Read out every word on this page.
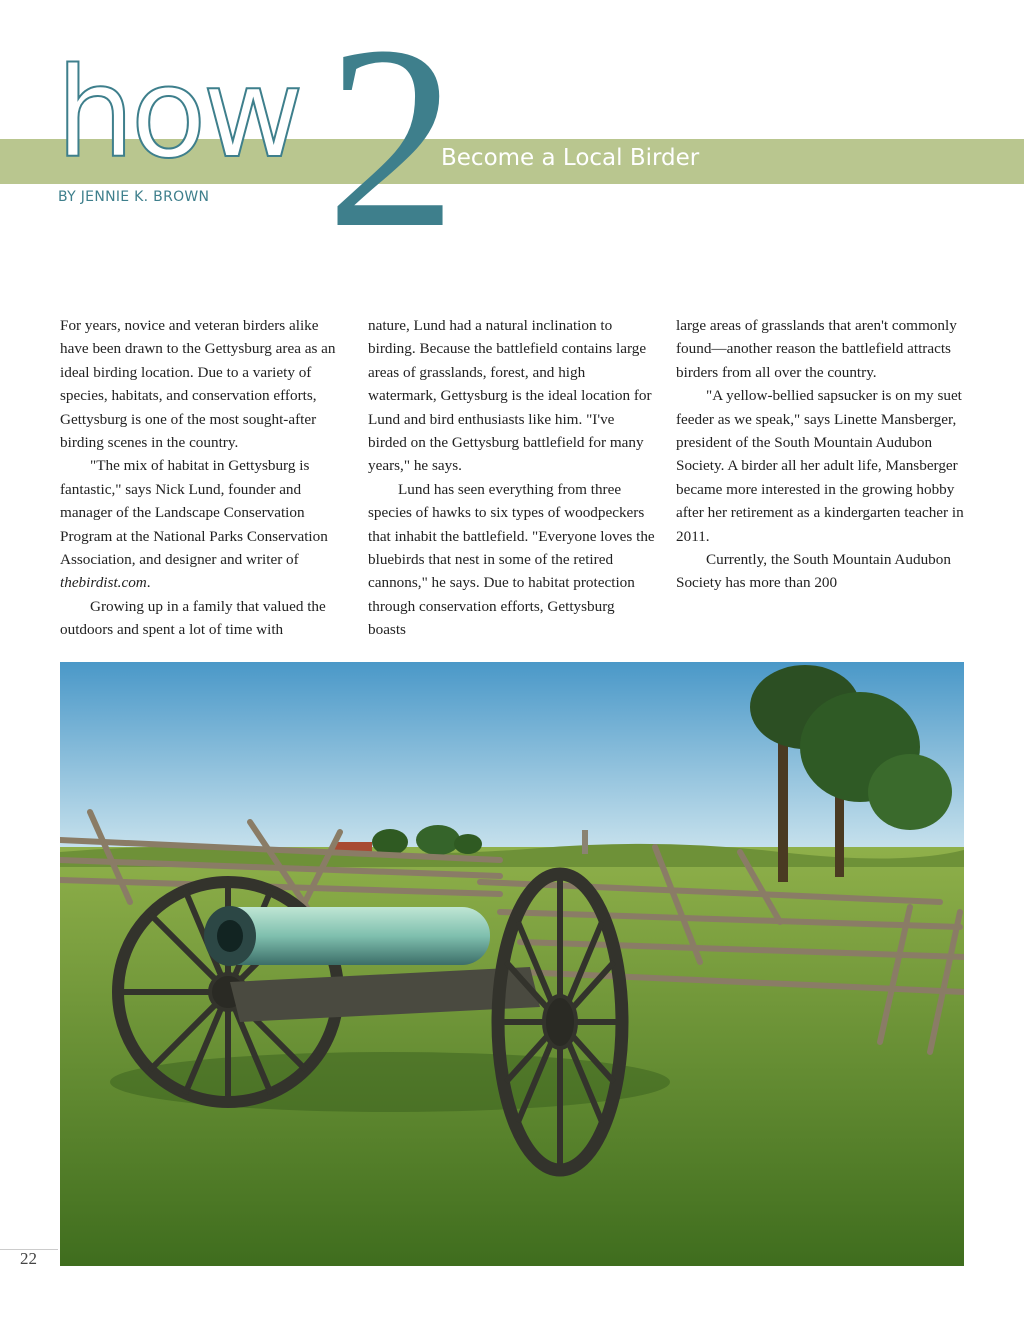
how 2
Become a Local Birder
BY JENNIE K. BROWN

For years, novice and veteran birders alike have been drawn to the Gettysburg area as an ideal birding location. Due to a variety of species, habitats, and conservation efforts, Gettysburg is one of the most sought-after birding scenes in the country.

"The mix of habitat in Gettysburg is fantastic," says Nick Lund, founder and manager of the Landscape Conservation Program at the National Parks Conservation Association, and designer and writer of thebirdist.com.

Growing up in a family that valued the outdoors and spent a lot of time with

nature, Lund had a natural inclination to birding. Because the battlefield contains large areas of grasslands, forest, and high watermark, Gettysburg is the ideal location for Lund and bird enthusiasts like him. "I've birded on the Gettysburg battlefield for many years," he says.

Lund has seen everything from three species of hawks to six types of woodpeckers that inhabit the battlefield. "Everyone loves the bluebirds that nest in some of the retired cannons," he says. Due to habitat protection through conservation efforts, Gettysburg boasts

large areas of grasslands that aren't commonly found—another reason the battlefield attracts birders from all over the country.

"A yellow-bellied sapsucker is on my suet feeder as we speak," says Linette Mansberger, president of the South Mountain Audubon Society. A birder all her adult life, Mansberger became more interested in the growing hobby after her retirement as a kindergarten teacher in 2011.

Currently, the South Mountain Audubon Society has more than 200

22
